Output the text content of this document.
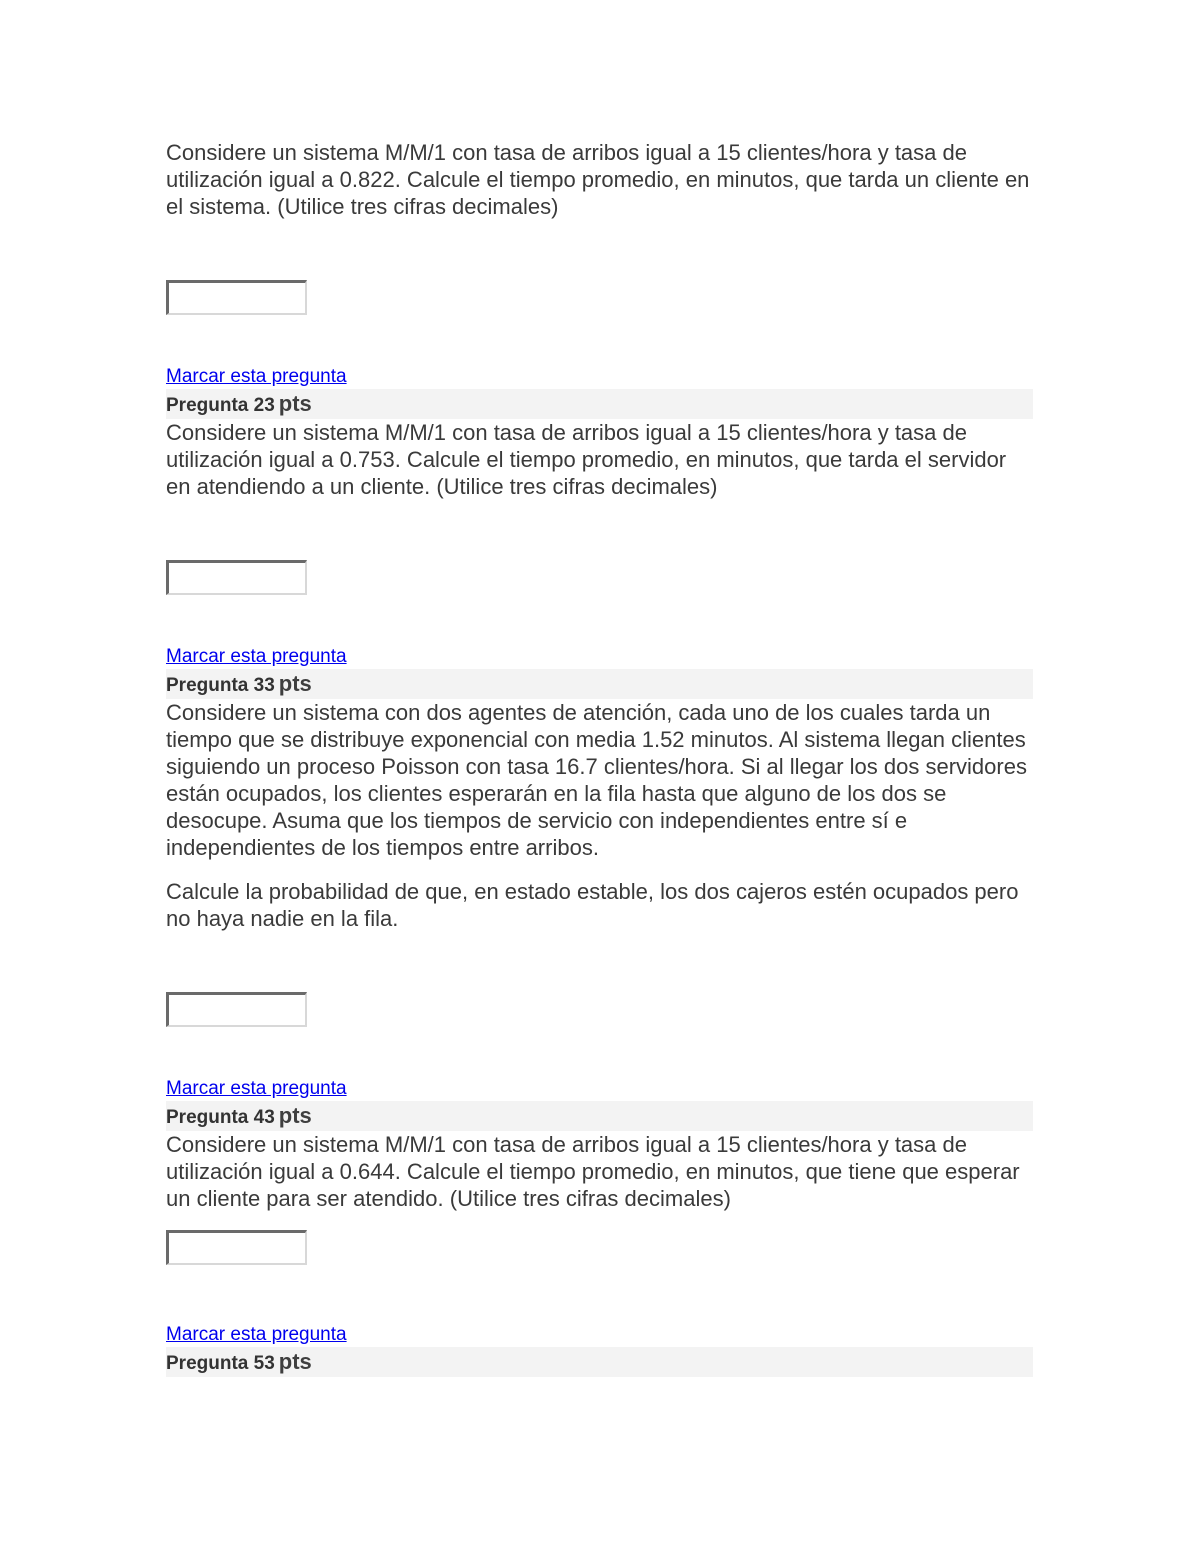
Considere un sistema M/M/1 con tasa de arribos igual a 15 clientes/hora y tasa de utilización igual a 0.822. Calcule el tiempo promedio, en minutos, que tarda un cliente en el sistema. (Utilice tres cifras decimales)

Marcar esta pregunta
Pregunta 23 pts

Considere un sistema M/M/1 con tasa de arribos igual a 15 clientes/hora y tasa de utilización igual a 0.753. Calcule el tiempo promedio, en minutos, que tarda el servidor en atendiendo a un cliente. (Utilice tres cifras decimales)

Marcar esta pregunta
Pregunta 33 pts

Considere un sistema con dos agentes de atención, cada uno de los cuales tarda un tiempo que se distribuye exponencial con media 1.52 minutos. Al sistema llegan clientes siguiendo un proceso Poisson con tasa 16.7 clientes/hora. Si al llegar los dos servidores están ocupados, los clientes esperarán en la fila hasta que alguno de los dos se desocupe. Asuma que los tiempos de servicio con independientes entre sí e independientes de los tiempos entre arribos.

Calcule la probabilidad de que, en estado estable, los dos cajeros estén ocupados pero no haya nadie en la fila.

Marcar esta pregunta
Pregunta 43 pts

Considere un sistema M/M/1 con tasa de arribos igual a 15 clientes/hora y tasa de utilización igual a 0.644. Calcule el tiempo promedio, en minutos, que tiene que esperar un cliente para ser atendido. (Utilice tres cifras decimales)

Marcar esta pregunta
Pregunta 53 pts
